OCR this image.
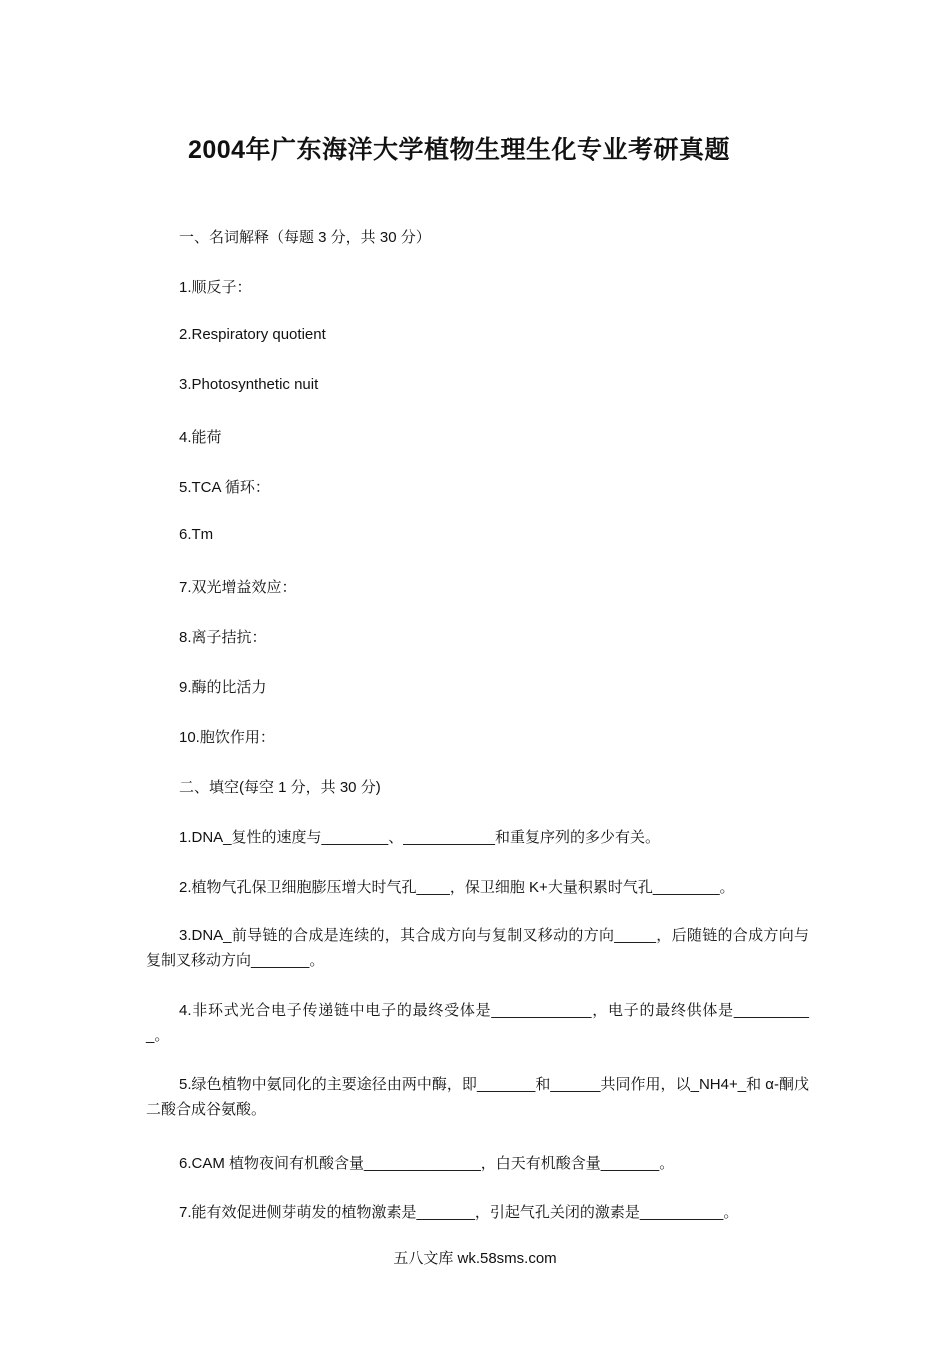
2004年广东海洋大学植物生理生化专业考研真题
一、名词解释（每题 3 分，共 30 分）
1.顺反子：
2.Respiratory quotient
3.Photosynthetic nuit
4.能荷
5.TCA 循环：
6.Tm
7.双光增益效应：
8.离子拮抗：
9.酶的比活力
10.胞饮作用：
二、填空(每空 1 分，共 30 分)
1.DNA_复性的速度与________、___________和重复序列的多少有关。
2.植物气孔保卫细胞膨压增大时气孔____，保卫细胞 K+大量积累时气孔________。
3.DNA_前导链的合成是连续的，其合成方向与复制叉移动的方向_____，后随链的合成方向与复制叉移动方向_______。
4.非环式光合电子传递链中电子的最终受体是____________，电子的最终供体是__________。
5.绿色植物中氨同化的主要途径由两中酶，即_______和______共同作用，以_NH4+_和 α-酮戊二酸合成谷氨酸。
6.CAM 植物夜间有机酸含量______________，白天有机酸含量_______。
7.能有效促进侧芽萌发的植物激素是_______，引起气孔关闭的激素是__________。
五八文库 wk.58sms.com
